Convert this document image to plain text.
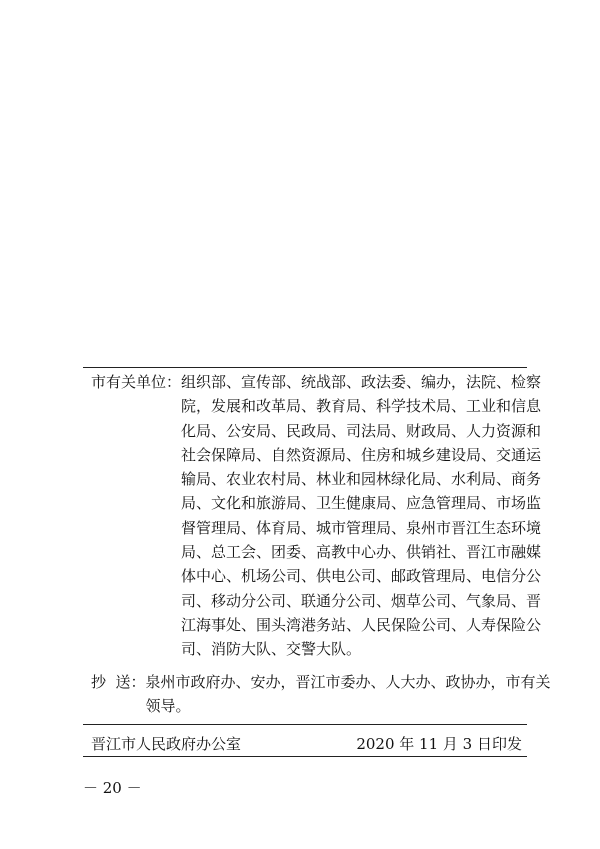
市有关单位： 组织部、宣传部、统战部、政法委、编办，法院、检察
院，发展和改革局、教育局、科学技术局、工业和信息
化局、公安局、民政局、司法局、财政局、人力资源和
社会保障局、自然资源局、住房和城乡建设局、交通运
输局、农业农村局、林业和园林绿化局、水利局、商务
局、文化和旅游局、卫生健康局、应急管理局、市场监
督管理局、体育局、城市管理局、泉州市晋江生态环境
局、总工会、团委、高教中心办、供销社、晋江市融媒
体中心、机场公司、供电公司、邮政管理局、电信分公
司、移动分公司、联通分公司、烟草公司、气象局、晋
江海事处、围头湾港务站、人民保险公司、人寿保险公
司、消防大队、交警大队。
抄  送： 泉州市政府办、安办，晋江市委办、人大办、政协办，市有关
领导。
晋江市人民政府办公室	2020 年 11 月 3 日印发
－ 20 －
